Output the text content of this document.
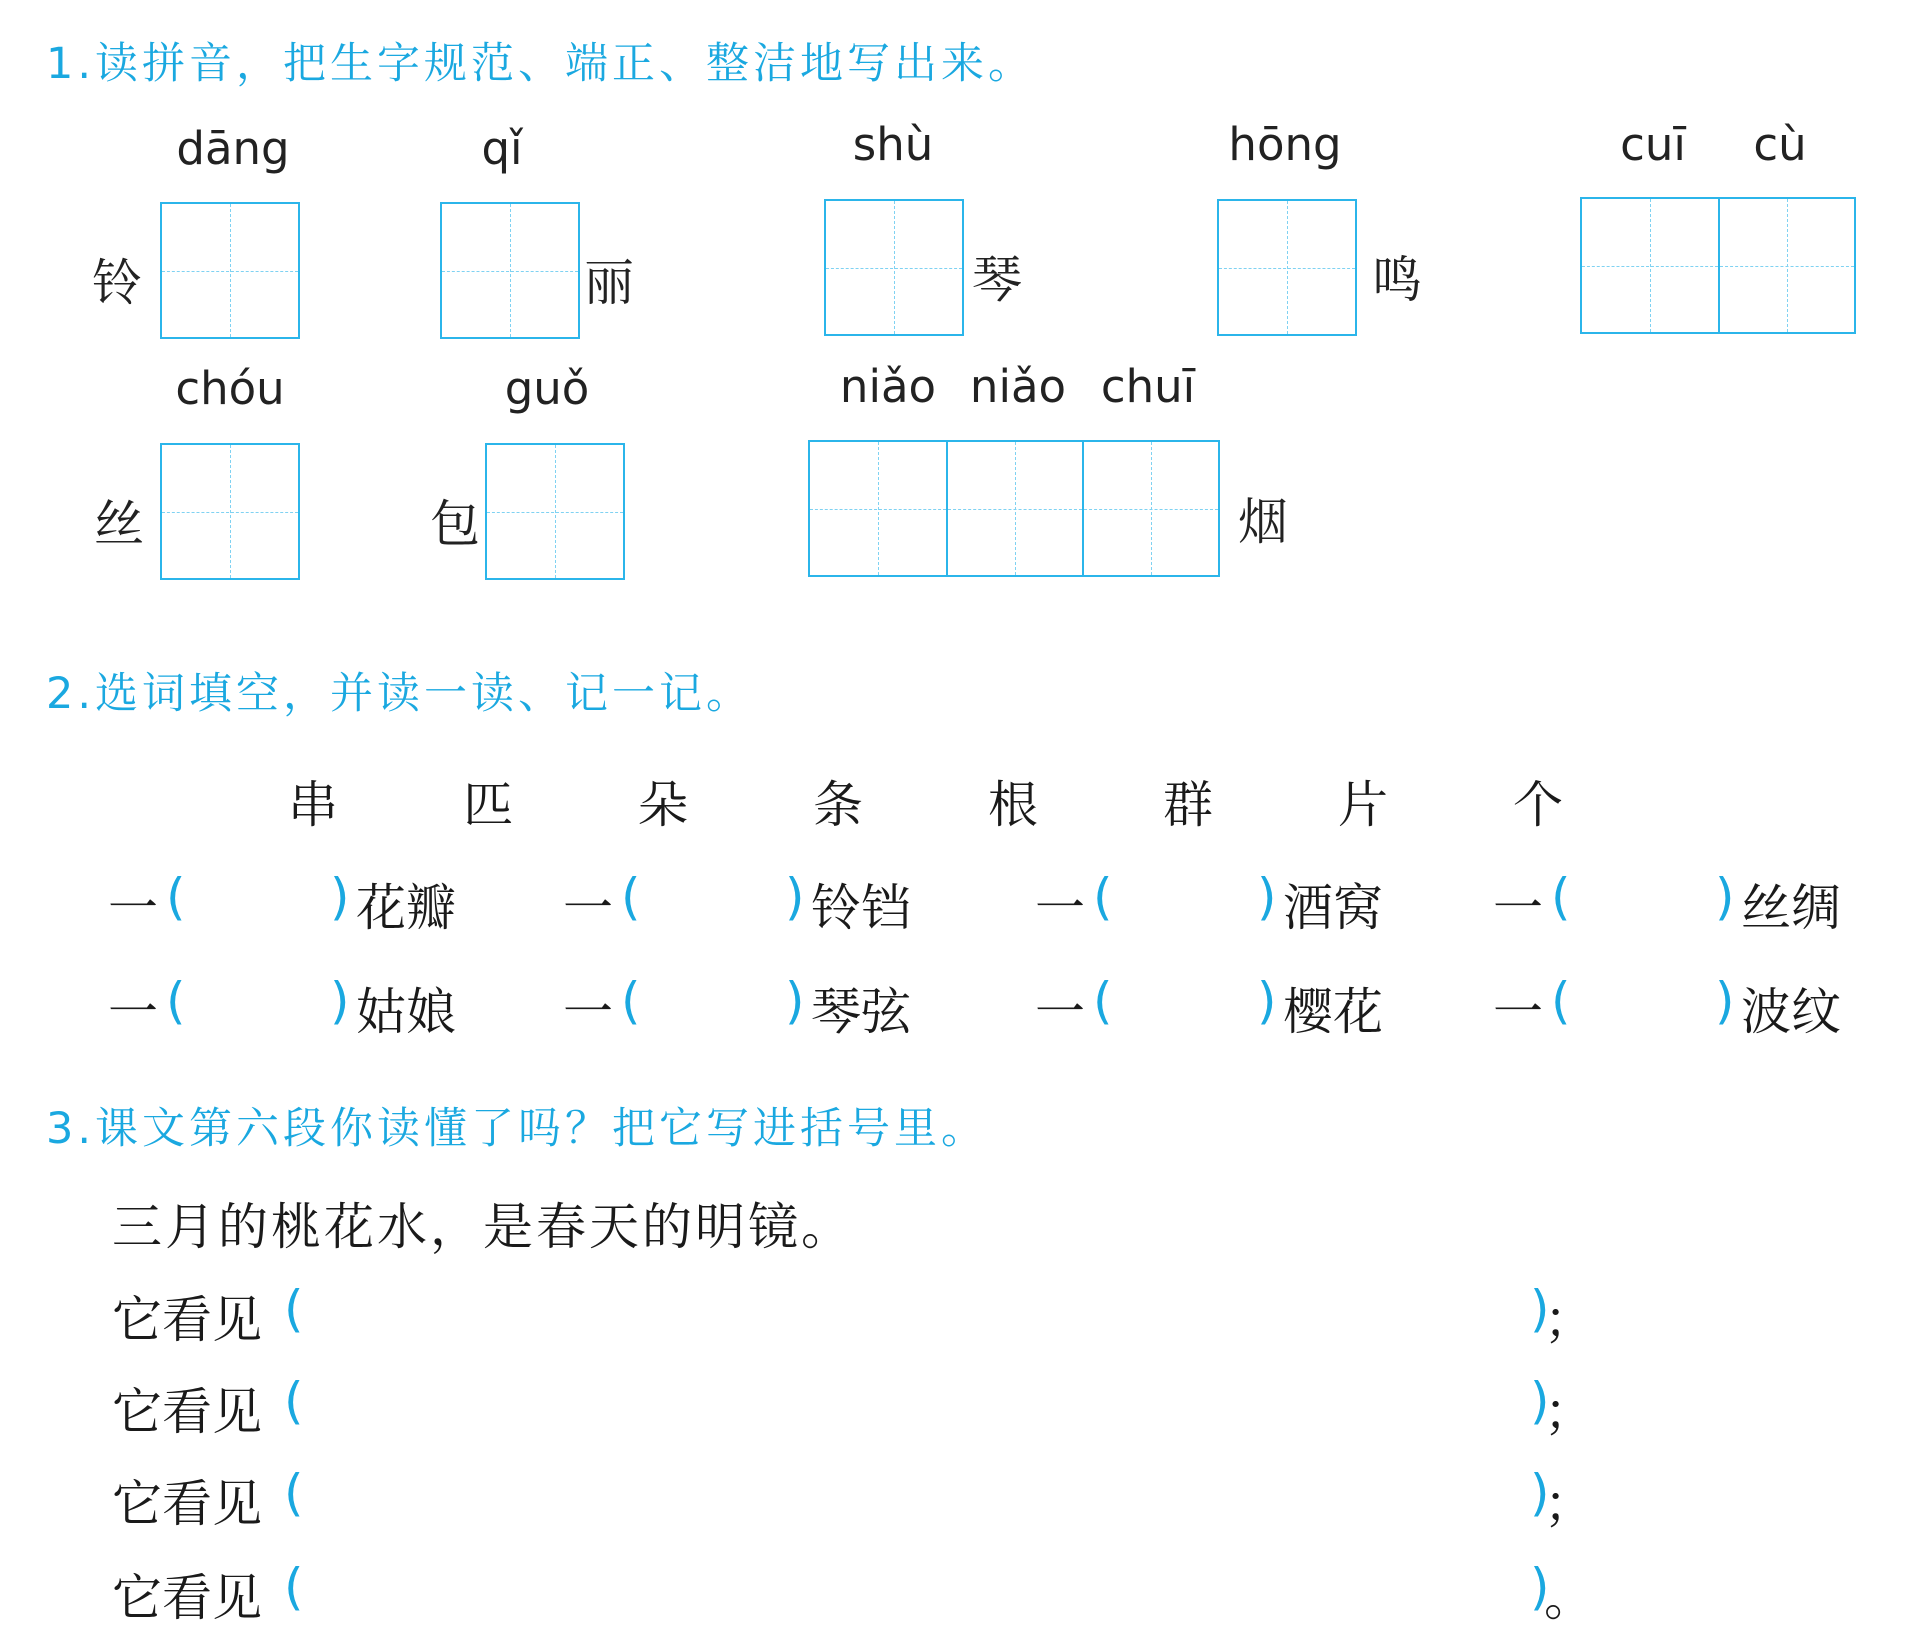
1.读拼音，把生字规范、端正、整洁地写出来。
dāng
铃
qǐ
丽
shù
琴
hōng
鸣
cuī cù
chóu
丝
guǒ
包
niǎo niǎo chuī
烟
2.选词填空，并读一读、记一记。
串	匹	朵	条	根	群	片	个
一 (	) 花瓣 一 (	) 铃铛 一 (	) 酒窝 一 (	) 丝绸
一 (	) 姑娘 一 (	) 琴弦 一 (	) 樱花 一 (	) 波纹
3.课文第六段你读懂了吗？把它写进括号里。
三月的桃花水，是春天的明镜。
它看见 (	)
；
它看见 (	)
；
它看见 (	)
；
它看见 (	)
。
